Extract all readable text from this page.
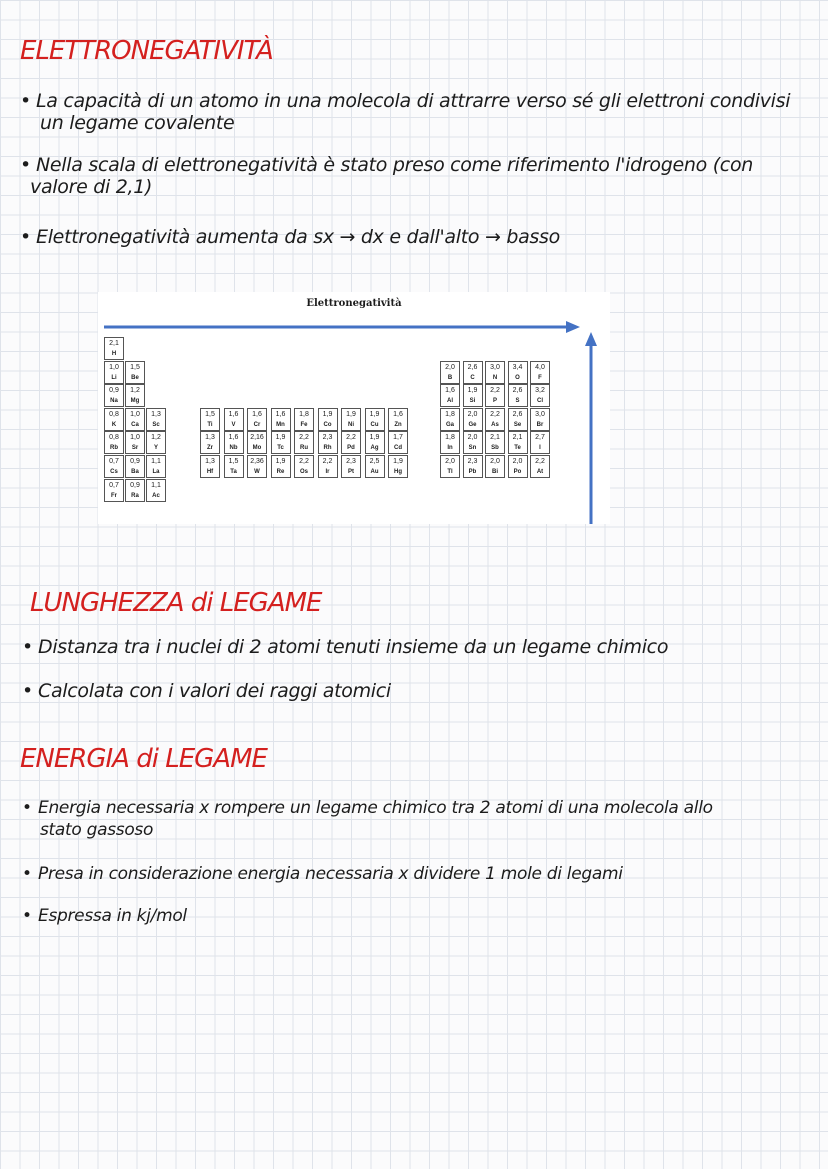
ELETTRONEGATIVITÀ
• La capacità di un atomo in una molecola di attrarre verso sé gli elettroni condivisi
un legame covalente
• Nella scala di elettronegatività è stato preso come riferimento l'idrogeno (con
valore di 2,1)
• Elettronegatività aumenta da sx → dx e dall'alto → basso
Elettronegatività
2,1
H
1,0
Li
1,5
Be
2,0
B
2,6
C
3,0
N
3,4
O
4,0
F
0,9
Na
1,2
Mg
1,6
Al
1,9
Si
2,2
P
2,6
S
3,2
Cl
0,8
K
1,0
Ca
1,3
Sc
1,5
Ti
1,6
V
1,6
Cr
1,6
Mn
1,8
Fe
1,9
Co
1,9
Ni
1,9
Cu
1,6
Zn
1,8
Ga
2,0
Ge
2,2
As
2,6
Se
3,0
Br
0,8
Rb
1,0
Sr
1,2
Y
1,3
Zr
1,6
Nb
2,16
Mo
1,9
Tc
2,2
Ru
2,3
Rh
2,2
Pd
1,9
Ag
1,7
Cd
1,8
In
2,0
Sn
2,1
Sb
2,1
Te
2,7
I
0,7
Cs
0,9
Ba
1,1
La
1,3
Hf
1,5
Ta
2,36
W
1,9
Re
2,2
Os
2,2
Ir
2,3
Pt
2,5
Au
1,9
Hg
2,0
Tl
2,3
Pb
2,0
Bi
2,0
Po
2,2
At
0,7
Fr
0,9
Ra
1,1
Ac
LUNGHEZZA di LEGAME
• Distanza tra i nuclei di 2 atomi tenuti insieme da un legame chimico
• Calcolata con i valori dei raggi atomici
ENERGIA di LEGAME
• Energia necessaria x rompere un legame chimico tra 2 atomi di una molecola allo
stato gassoso
• Presa in considerazione energia necessaria x dividere 1 mole di legami
• Espressa in kj/mol
